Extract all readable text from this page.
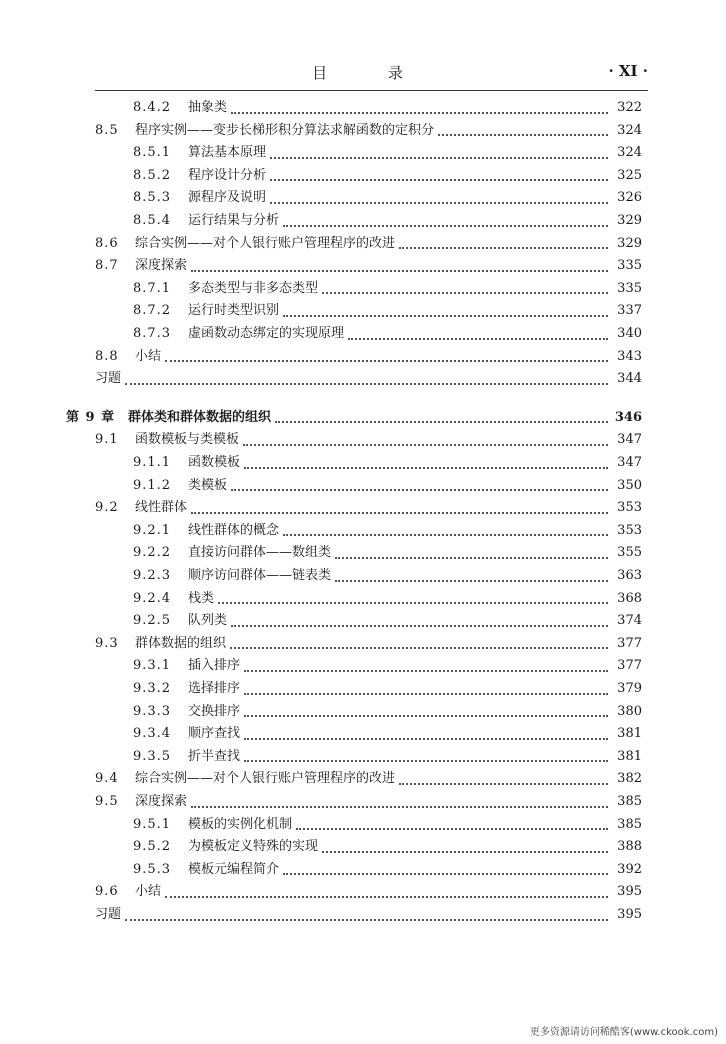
目 录	· XI ·
8.4.2	抽象类	322
8.5	程序实例——变步长梯形积分算法求解函数的定积分	324
8.5.1	算法基本原理	324
8.5.2	程序设计分析	325
8.5.3	源程序及说明	326
8.5.4	运行结果与分析	329
8.6	综合实例——对个人银行账户管理程序的改进	329
8.7	深度探索	335
8.7.1	多态类型与非多态类型	335
8.7.2	运行时类型识别	337
8.7.3	虚函数动态绑定的实现原理	340
8.8	小结	343
习题	344
第 9 章 群体类和群体数据的组织	346
9.1	函数模板与类模板	347
9.1.1	函数模板	347
9.1.2	类模板	350
9.2	线性群体	353
9.2.1	线性群体的概念	353
9.2.2	直接访问群体——数组类	355
9.2.3	顺序访问群体——链表类	363
9.2.4	栈类	368
9.2.5	队列类	374
9.3	群体数据的组织	377
9.3.1	插入排序	377
9.3.2	选择排序	379
9.3.3	交换排序	380
9.3.4	顺序查找	381
9.3.5	折半查找	381
9.4	综合实例——对个人银行账户管理程序的改进	382
9.5	深度探索	385
9.5.1	模板的实例化机制	385
9.5.2	为模板定义特殊的实现	388
9.5.3	模板元编程简介	392
9.6	小结	395
习题	395
更多资源请访问稀酷客(www.ckook.com)
